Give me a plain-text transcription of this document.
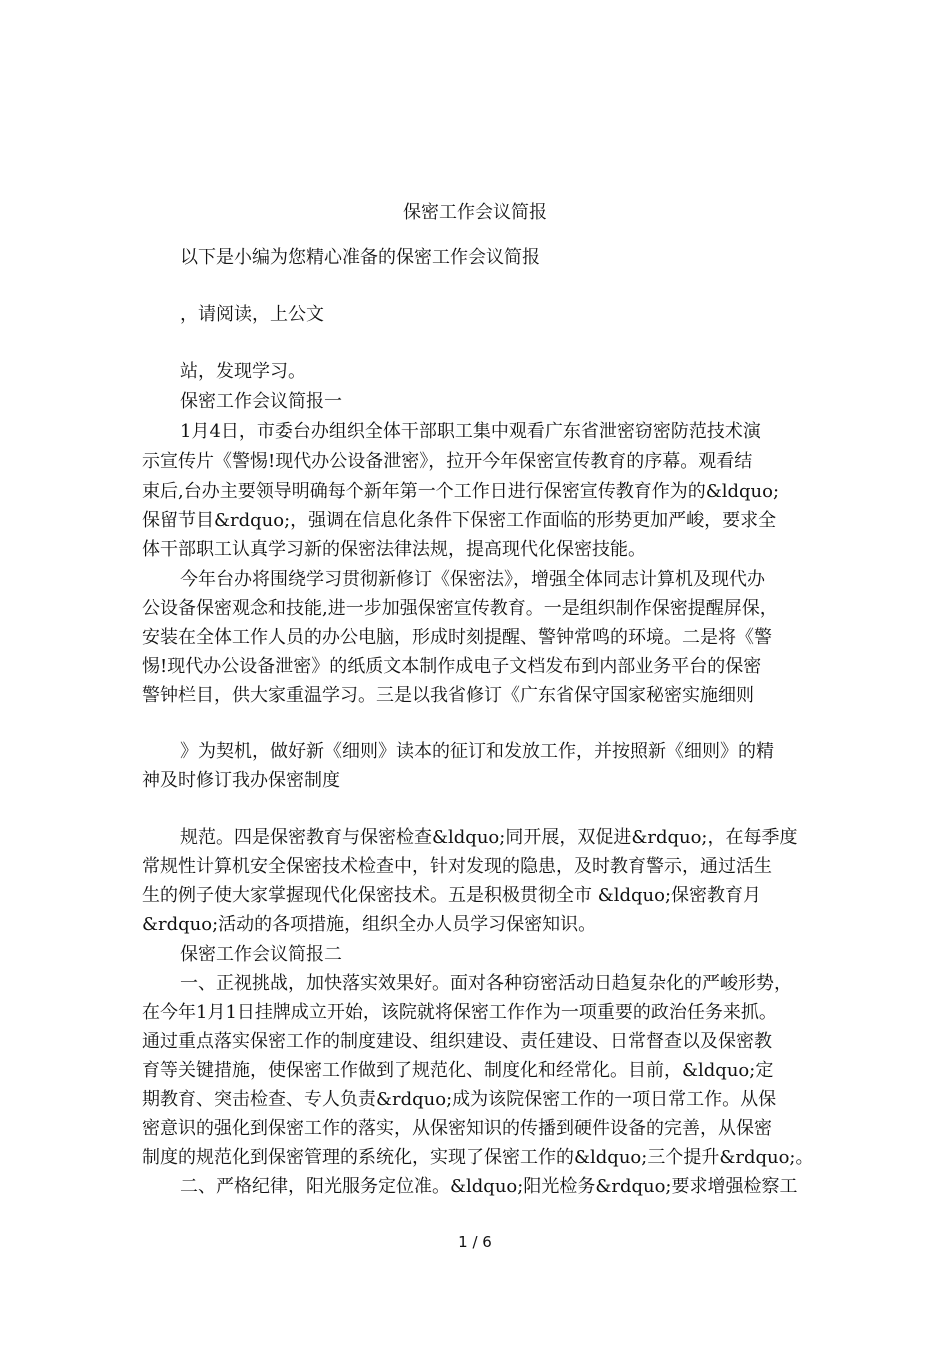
保密工作会议简报
以下是小编为您精心准备的保密工作会议简报
，请阅读，上公文
站，发现学习。
保密工作会议简报一
1月4日，市委台办组织全体干部职工集中观看广东省泄密窃密防范技术演
示宣传片《警惕!现代办公设备泄密》，拉开今年保密宣传教育的序幕。观看结
束后,台办主要领导明确每个新年第一个工作日进行保密宣传教育作为的&ldquo;
保留节目&rdquo;，强调在信息化条件下保密工作面临的形势更加严峻，要求全
体干部职工认真学习新的保密法律法规，提高现代化保密技能。
今年台办将围绕学习贯彻新修订《保密法》，增强全体同志计算机及现代办
公设备保密观念和技能,进一步加强保密宣传教育。一是组织制作保密提醒屏保，
安装在全体工作人员的办公电脑，形成时刻提醒、警钟常鸣的环境。二是将《警
惕!现代办公设备泄密》的纸质文本制作成电子文档发布到内部业务平台的保密
警钟栏目，供大家重温学习。三是以我省修订《广东省保守国家秘密实施细则
》为契机，做好新《细则》读本的征订和发放工作，并按照新《细则》的精
神及时修订我办保密制度
规范。四是保密教育与保密检查&ldquo;同开展，双促进&rdquo;，在每季度
常规性计算机安全保密技术检查中，针对发现的隐患，及时教育警示，通过活生
生的例子使大家掌握现代化保密技术。五是积极贯彻全市 &ldquo;保密教育月
&rdquo;活动的各项措施，组织全办人员学习保密知识。
保密工作会议简报二
一、正视挑战，加快落实效果好。面对各种窃密活动日趋复杂化的严峻形势，
在今年1月1日挂牌成立开始，该院就将保密工作作为一项重要的政治任务来抓。
通过重点落实保密工作的制度建设、组织建设、责任建设、日常督查以及保密教
育等关键措施，使保密工作做到了规范化、制度化和经常化。目前，&ldquo;定
期教育、突击检查、专人负责&rdquo;成为该院保密工作的一项日常工作。从保
密意识的强化到保密工作的落实，从保密知识的传播到硬件设备的完善，从保密
制度的规范化到保密管理的系统化，实现了保密工作的&ldquo;三个提升&rdquo;。
二、严格纪律，阳光服务定位准。&ldquo;阳光检务&rdquo;要求增强检察工
1 / 6
